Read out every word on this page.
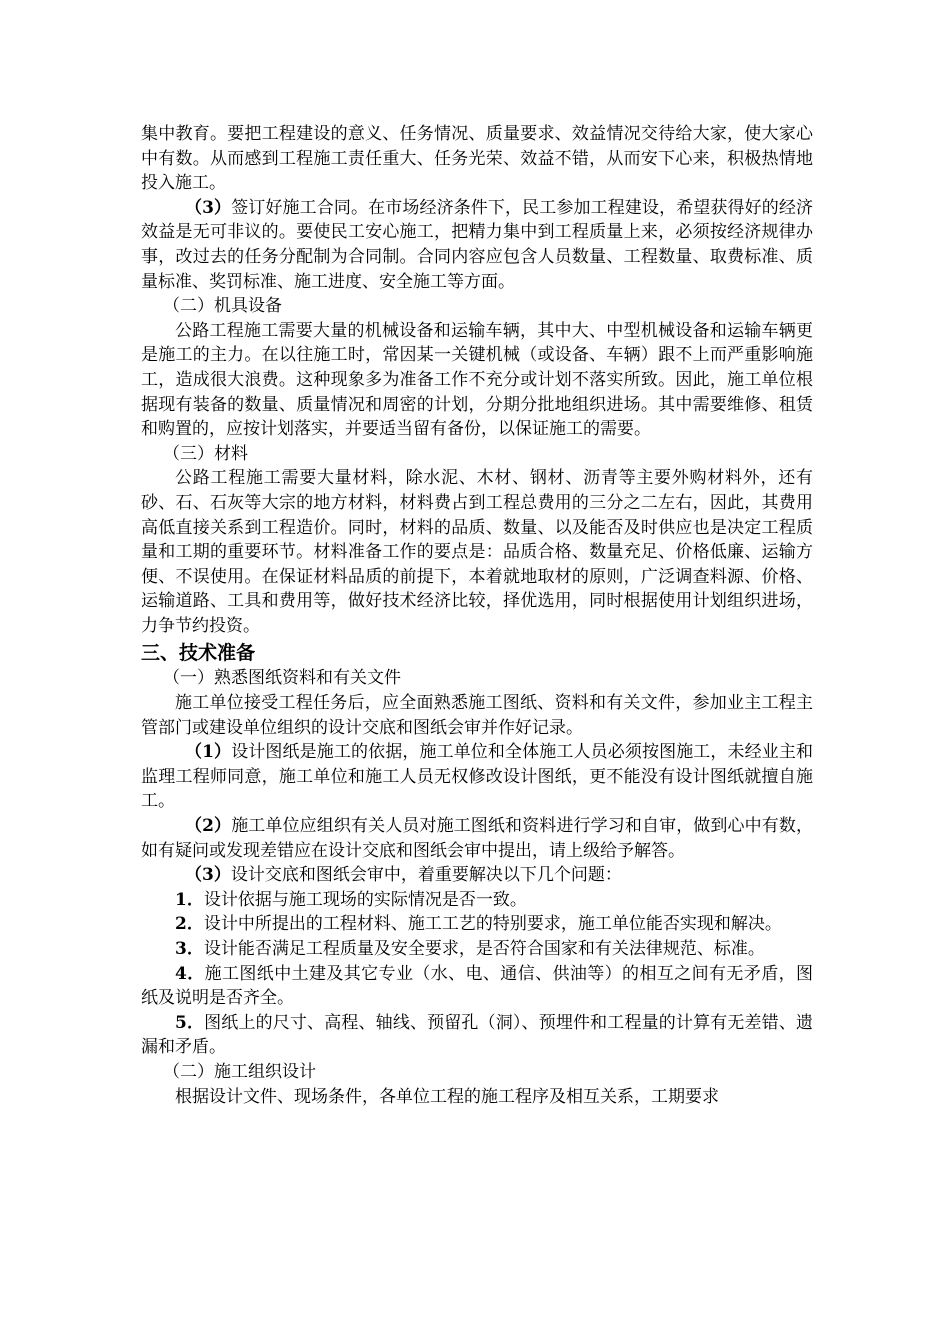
集中教育。要把工程建设的意义、任务情况、质量要求、效益情况交待给大家，使大家心中有数。从而感到工程施工责任重大、任务光荣、效益不错，从而安下心来，积极热情地投入施工。

（3）签订好施工合同。在市场经济条件下，民工参加工程建设，希望获得好的经济效益是无可非议的。要使民工安心施工，把精力集中到工程质量上来，必须按经济规律办事，改过去的任务分配制为合同制。合同内容应包含人员数量、工程数量、取费标准、质量标准、奖罚标准、施工进度、安全施工等方面。

（二）机具设备

公路工程施工需要大量的机械设备和运输车辆，其中大、中型机械设备和运输车辆更是施工的主力。在以往施工时，常因某一关键机械（或设备、车辆）跟不上而严重影响施工，造成很大浪费。这种现象多为准备工作不充分或计划不落实所致。因此，施工单位根据现有装备的数量、质量情况和周密的计划，分期分批地组织进场。其中需要维修、租赁和购置的，应按计划落实，并要适当留有备份，以保证施工的需要。

（三）材料

公路工程施工需要大量材料，除水泥、木材、钢材、沥青等主要外购材料外，还有砂、石、石灰等大宗的地方材料，材料费占到工程总费用的三分之二左右，因此，其费用高低直接关系到工程造价。同时，材料的品质、数量、以及能否及时供应也是决定工程质量和工期的重要环节。材料准备工作的要点是：品质合格、数量充足、价格低廉、运输方便、不误使用。在保证材料品质的前提下，本着就地取材的原则，广泛调查料源、价格、运输道路、工具和费用等，做好技术经济比较，择优选用，同时根据使用计划组织进场，力争节约投资。

三、技术准备

（一）熟悉图纸资料和有关文件

施工单位接受工程任务后，应全面熟悉施工图纸、资料和有关文件，参加业主工程主管部门或建设单位组织的设计交底和图纸会审并作好记录。

（1）设计图纸是施工的依据，施工单位和全体施工人员必须按图施工，未经业主和监理工程师同意，施工单位和施工人员无权修改设计图纸，更不能没有设计图纸就擅自施工。

（2）施工单位应组织有关人员对施工图纸和资料进行学习和自审，做到心中有数，如有疑问或发现差错应在设计交底和图纸会审中提出，请上级给予解答。

（3）设计交底和图纸会审中，着重要解决以下几个问题：

1．设计依据与施工现场的实际情况是否一致。

2．设计中所提出的工程材料、施工工艺的特别要求，施工单位能否实现和解决。

3．设计能否满足工程质量及安全要求，是否符合国家和有关法律规范、标准。

4．施工图纸中土建及其它专业（水、电、通信、供油等）的相互之间有无矛盾，图纸及说明是否齐全。

5．图纸上的尺寸、高程、轴线、预留孔（洞）、预埋件和工程量的计算有无差错、遗漏和矛盾。

（二）施工组织设计

根据设计文件、现场条件，各单位工程的施工程序及相互关系，工期要求
